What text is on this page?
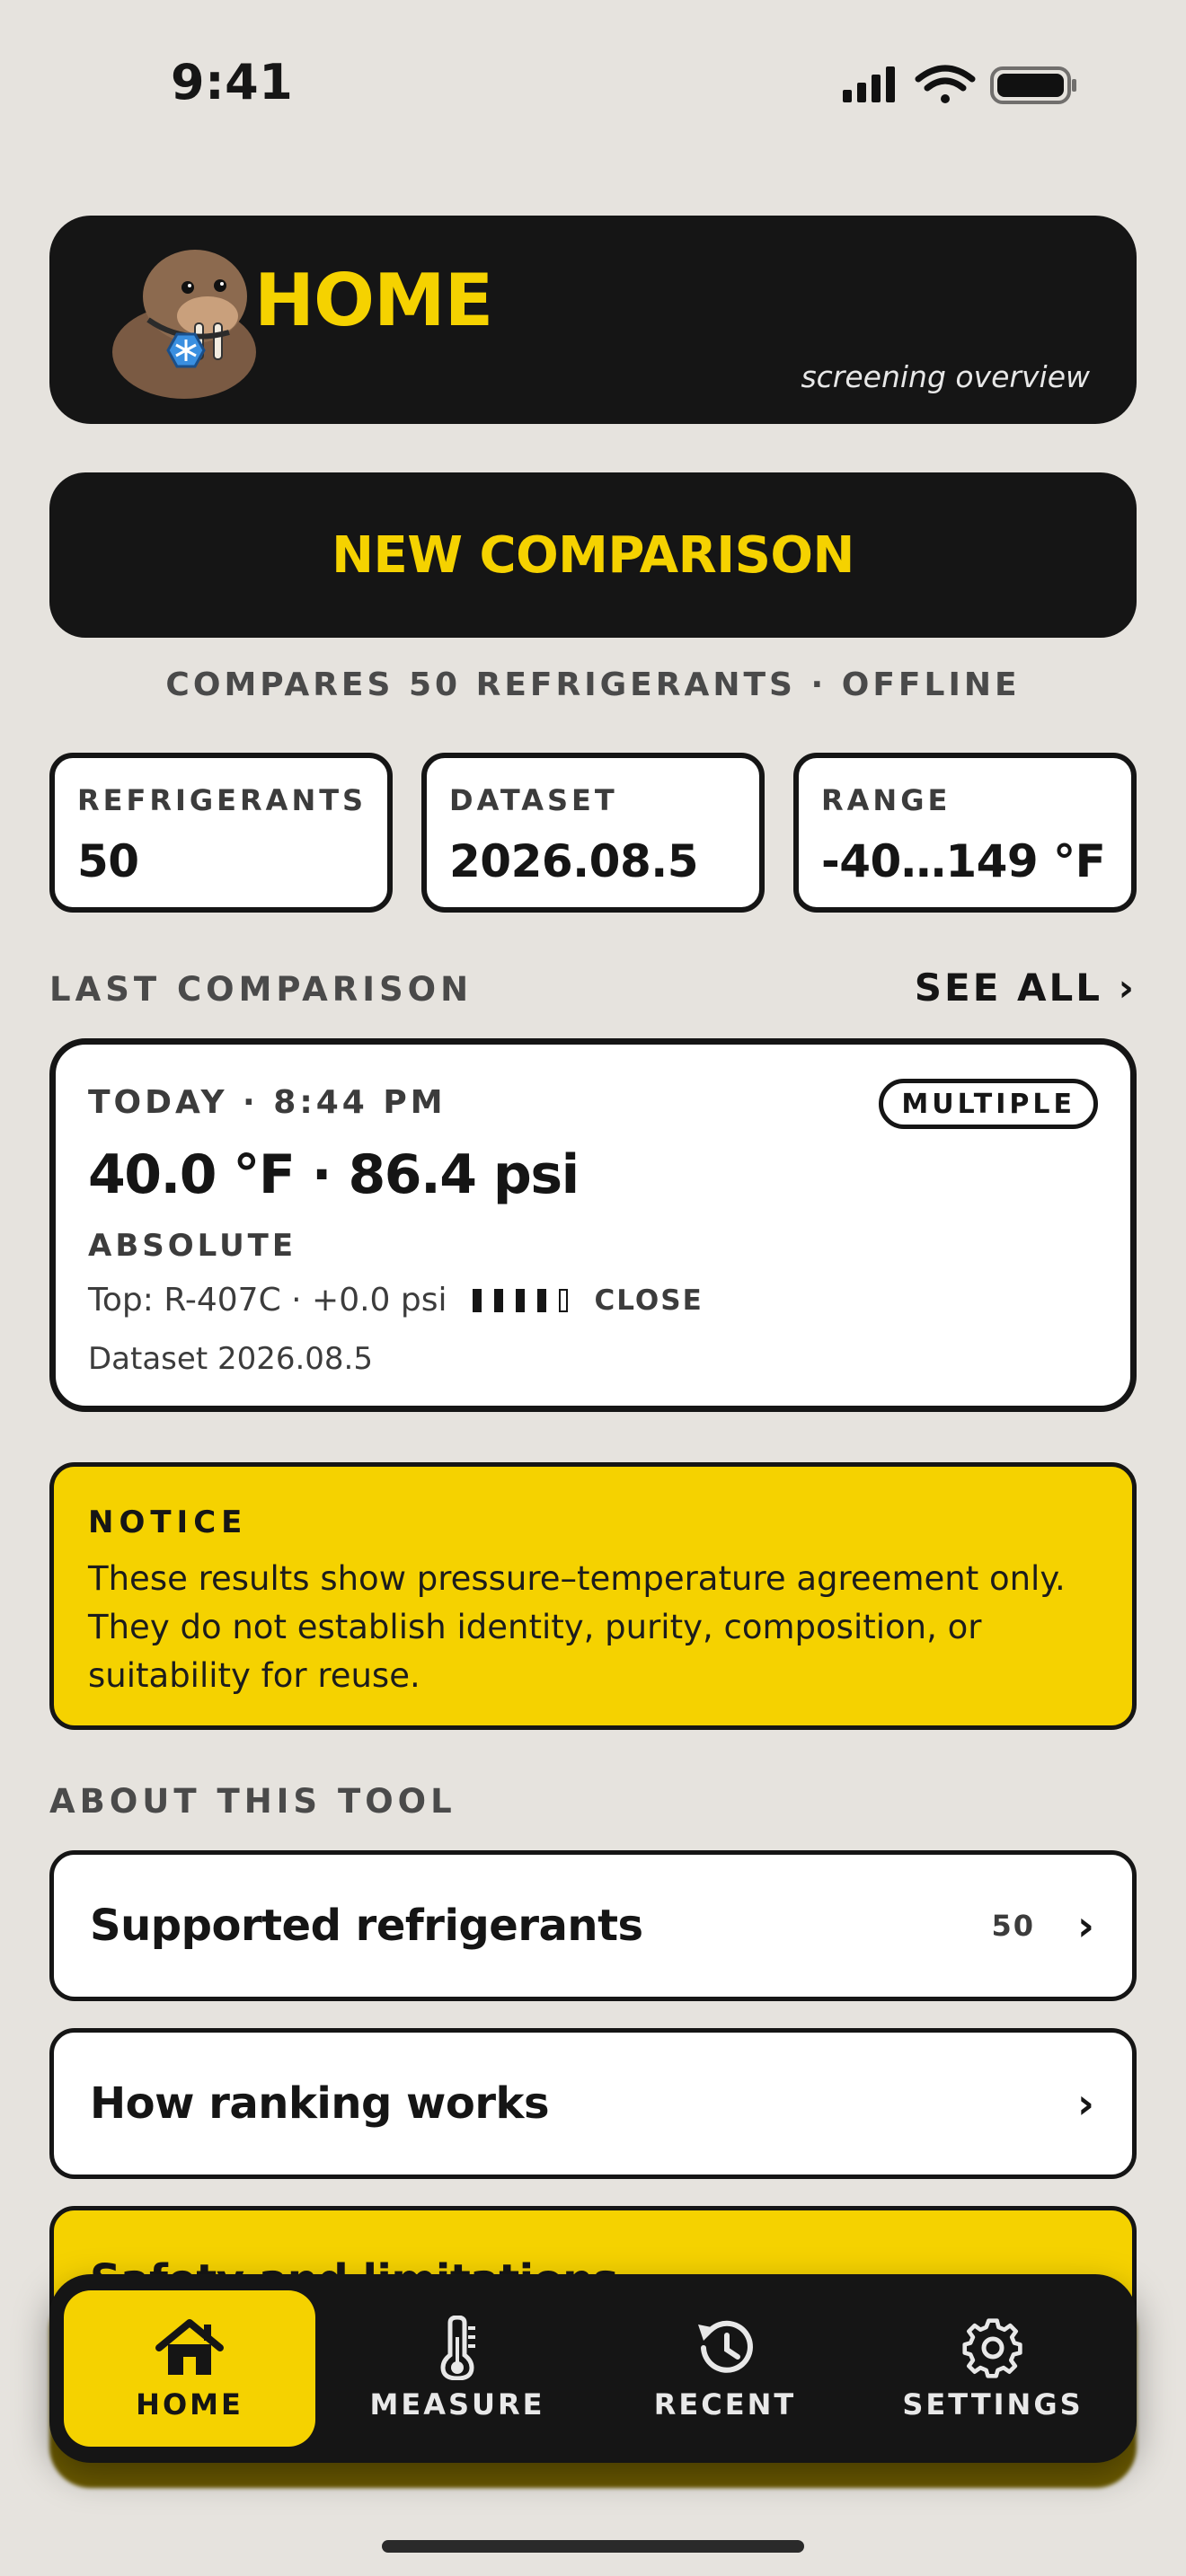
9:41
HOME
screening overview
NEW COMPARISON
COMPARES 50 REFRIGERANTS · OFFLINE
REFRIGERANTS
50
DATASET
2026.08.5
RANGE
-40…149 °F
LAST COMPARISON	SEE ALL ›
TODAY · 8:44 PM	MULTIPLE
40.0 °F · 86.4 psi
ABSOLUTE
Top: R-407C · +0.0 psi	CLOSE
Dataset 2026.08.5
NOTICE
These results show pressure–temperature agreement only. They do not establish identity, purity, composition, or suitability for reuse.
ABOUT THIS TOOL
Supported refrigerants	50 ›
How ranking works	›
HOME	MEASURE	RECENT	SETTINGS
